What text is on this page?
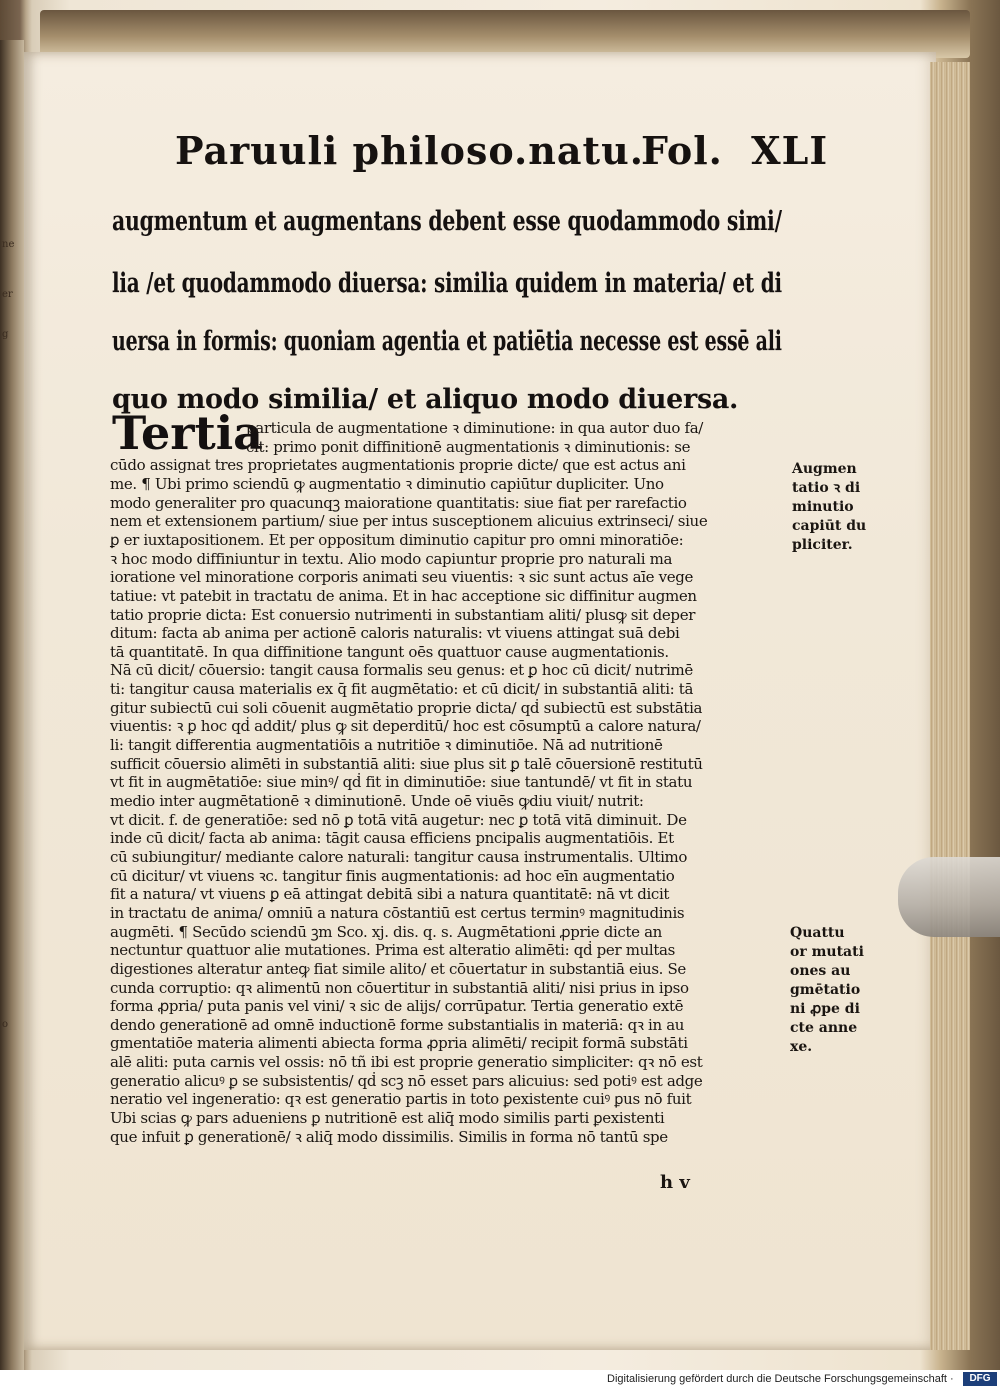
ne
er
g
o
Paruuli philoso.natu.
Fol. XLI
augmentum et augmentans debent esse quodammodo simi/
lia /et quodammodo diuersa: similia quidem in materia/ et di
uersa in formis: quoniam agentia et patiētia necesse est essē ali
quo modo similia/ et aliquo modo diuersa.
Tertia
particula de augmentatione ꝛ diminutione: in qua autor duo fa/
cit: primo ponit diffinitionē augmentationis ꝛ diminutionis: se
cūdo assignat tres proprietates augmentationis proprie dicte/ que est actus ani
me. ¶ Ubi primo sciendū ꝙ augmentatio ꝛ diminutio capiūtur dupliciter. Uno
modo generaliter pro quacunqꝫ maioratione quantitatis: siue fiat per rarefactio
nem et extensionem partium/ siue per intus susceptionem alicuius extrinseci/ siue
ꝑ er iuxtapositionem. Et per oppositum diminutio capitur pro omni minoratiōe:
ꝛ hoc modo diffiniuntur in textu. Alio modo capiuntur proprie pro naturali ma
ioratione vel minoratione corporis animati seu viuentis: ꝛ sic sunt actus aīe vege
tatiue: vt patebit in tractatu de anima. Et in hac acceptione sic diffinitur augmen
tatio proprie dicta: Est conuersio nutrimenti in substantiam aliti/ plusꝙ sit deper
ditum: facta ab anima per actionē caloris naturalis: vt viuens attingat suā debi
tā quantitatē. In qua diffinitione tangunt oēs quattuor cause augmentationis.
Nā cū dicit/ cōuersio: tangit causa formalis seu genus: et ꝑ hoc cū dicit/ nutrimē
ti: tangitur causa materialis ex q̄ fit augmētatio: et cū dicit/ in substantiā aliti: tā
gitur subiectū cui soli cōuenit augmētatio proprie dicta/ qḋ subiectū est substātia
viuentis: ꝛ ꝑ hoc qḋ addit/ plus ꝙ sit deperditū/ hoc est cōsumptū a calore natura/
li: tangit differentia augmentatiōis a nutritiōe ꝛ diminutiōe. Nā ad nutritionē
sufficit cōuersio alimēti in substantiā aliti: siue plus sit ꝑ talē cōuersionē restitutū
vt fit in augmētatiōe: siue minꝰ/ qḋ fit in diminutiōe: siue tantundē/ vt fit in statu
medio inter augmētationē ꝛ diminutionē. Unde oē viuēs ꝙdiu viuit/ nutrit:
vt dicit. f. de generatiōe: sed nō ꝑ totā vitā augetur: nec ꝑ totā vitā diminuit. De
inde cū dicit/ facta ab anima: tāgit causa efficiens pncipalis augmentatiōis. Et
cū subiungitur/ mediante calore naturali: tangitur causa instrumentalis. Ultimo
cū dicitur/ vt viuens ꝛc. tangitur finis augmentationis: ad hoc eīn augmentatio
fit a natura/ vt viuens ꝑ eā attingat debitā sibi a natura quantitatē: nā vt dicit
in tractatu de anima/ omniū a natura cōstantiū est certus terminꝰ magnitudinis
augmēti. ¶ Secūdo sciendū ꝫm Sco. xj. dis. q. s. Augmētationi ꝓprie dicte an
nectuntur quattuor alie mutationes. Prima est alteratio alimēti: qḋ per multas
digestiones alteratur anteꝙ fiat simile alito/ et cōuertatur in substantiā eius. Se
cunda corruptio: qꝛ alimentū non cōuertitur in substantiā aliti/ nisi prius in ipso
forma ꝓpria/ puta panis vel vini/ ꝛ sic de alijs/ corrūpatur. Tertia generatio extē
dendo generationē ad omnē inductionē forme substantialis in materiā: qꝛ in au
gmentatiōe materia alimenti abiecta forma ꝓpria alimēti/ recipit formā substāti
alē aliti: puta carnis vel ossis: nō tñ ibi est proprie generatio simpliciter: qꝛ nō est
generatio alicuꝰ ꝑ se subsistentis/ qḋ scꝫ nō esset pars alicuius: sed potiꝰ est adge
neratio vel ingeneratio: qꝛ est generatio partis in toto ꝑexistente cuiꝰ ꝑus nō fuit
Ubi scias ꝙ pars adueniens ꝑ nutritionē est aliq̄ modo similis parti ꝑexistenti
que infuit ꝑ generationē/ ꝛ aliq̄ modo dissimilis. Similis in forma nō tantū spe
Augmen
tatio ꝛ di
minutio
capiūt du
pliciter.
Quattu
or mutati
ones au
gmētatio
ni ꝓpe di
cte anne
xe.
h v
Digitalisierung gefördert durch die Deutsche Forschungsgemeinschaft ·	DFG
